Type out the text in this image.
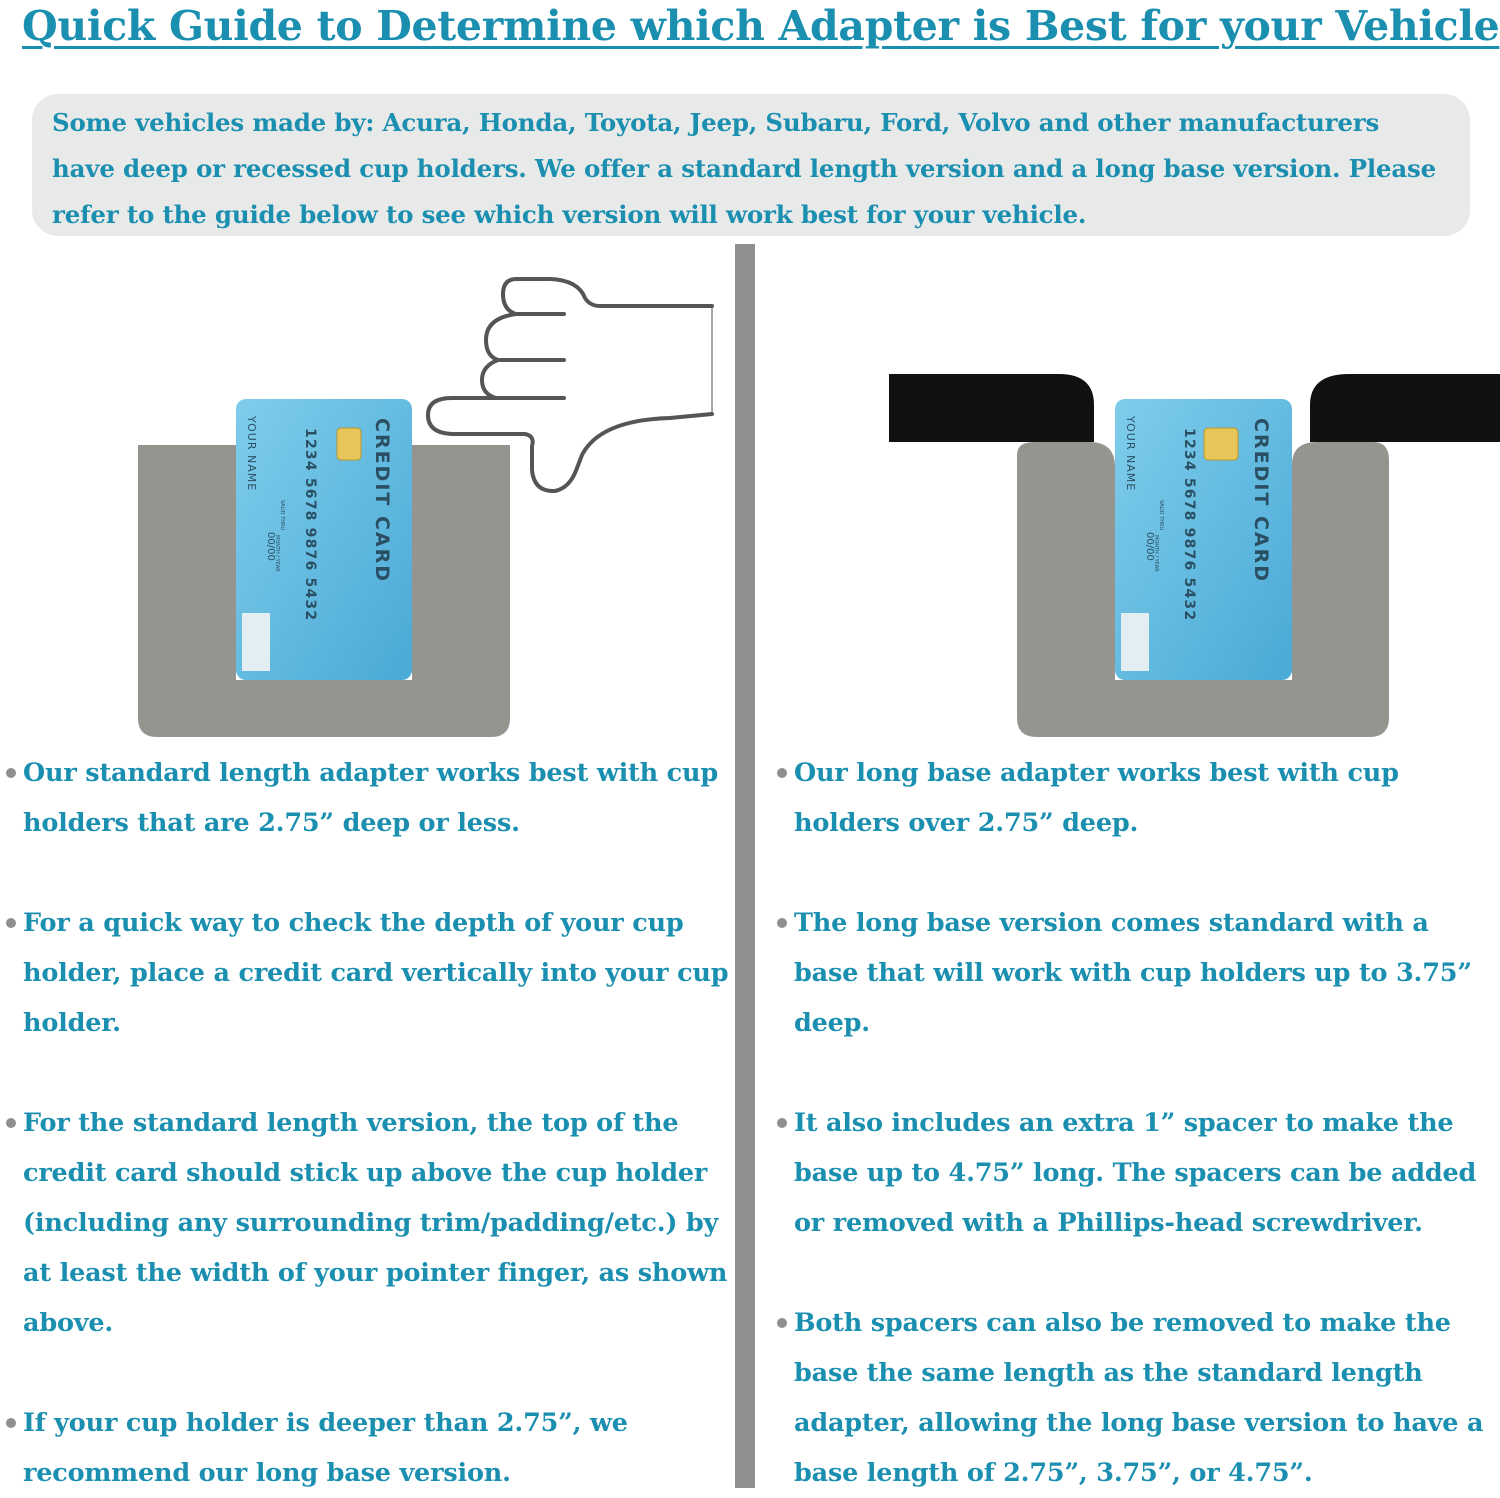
Quick Guide to Determine which Adapter is Best for your Vehicle

Some vehicles made by: Acura, Honda, Toyota, Jeep, Subaru, Ford, Volvo and other manufacturers

have deep or recessed cup holders. We offer a standard length version and a long base version. Please

refer to the guide below to see which version will work best for your vehicle.

CREDIT CARD
1234 5678 9876 5432
VALID THRU
MONTH / YEAR
00/00
YOUR NAME	CREDIT CARD
1234 5678 9876 5432
VALID THRU
MONTH / YEAR
00/00
YOUR NAME
Our standard length adapter works best with cup holders that are 2.75” deep or less.
For a quick way to check the depth of your cup holder, place a credit card vertically into your cup holder.
For the standard length version, the top of the credit card should stick up above the cup holder (including any surrounding trim/padding/etc.) by at least the width of your pointer finger, as shown above.
If your cup holder is deeper than 2.75”, we recommend our long base version.
Our long base adapter works best with cup holders over 2.75” deep.
The long base version comes standard with a base that will work with cup holders up to 3.75” deep.
It also includes an extra 1” spacer to make the base up to 4.75” long. The spacers can be added or removed with a Phillips-head screwdriver.
Both spacers can also be removed to make the base the same length as the standard length adapter, allowing the long base version to have a base length of 2.75”, 3.75”, or 4.75”.
